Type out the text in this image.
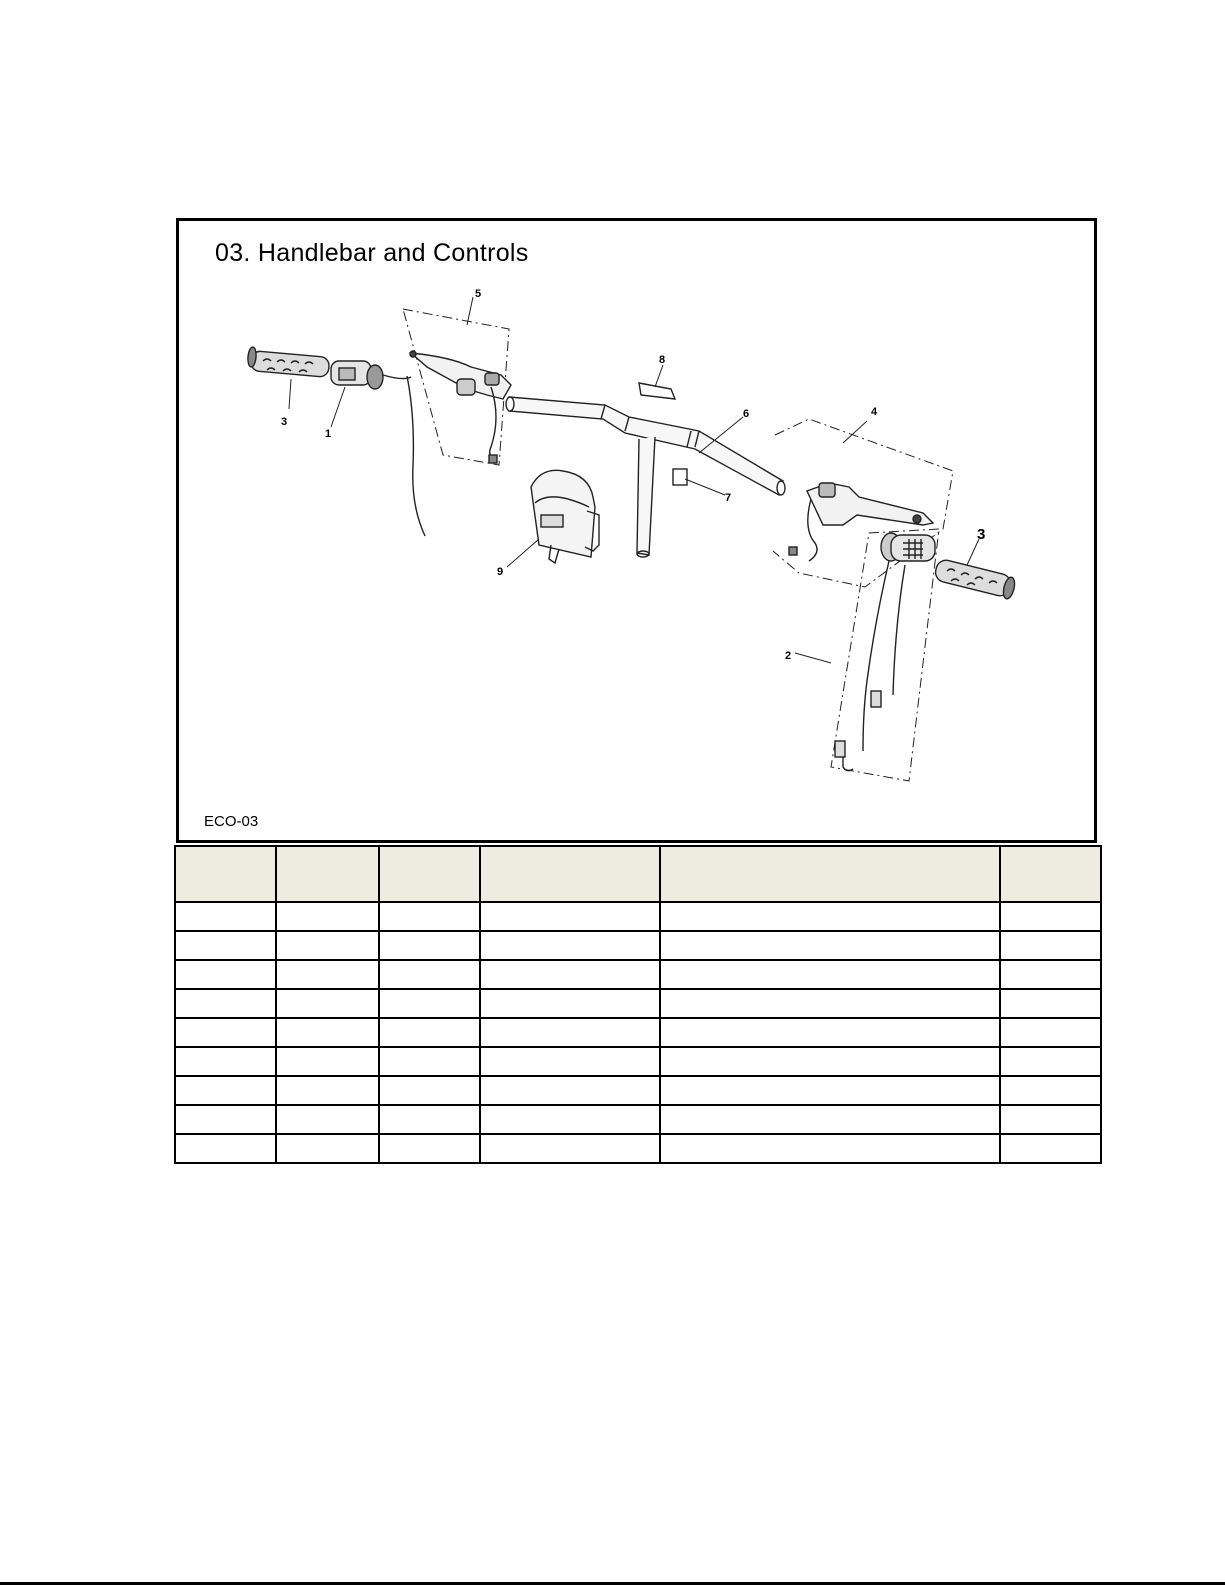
03. Handlebar and Controls
3
1
5
8
6	4
7
9
2
3
ECO-03
